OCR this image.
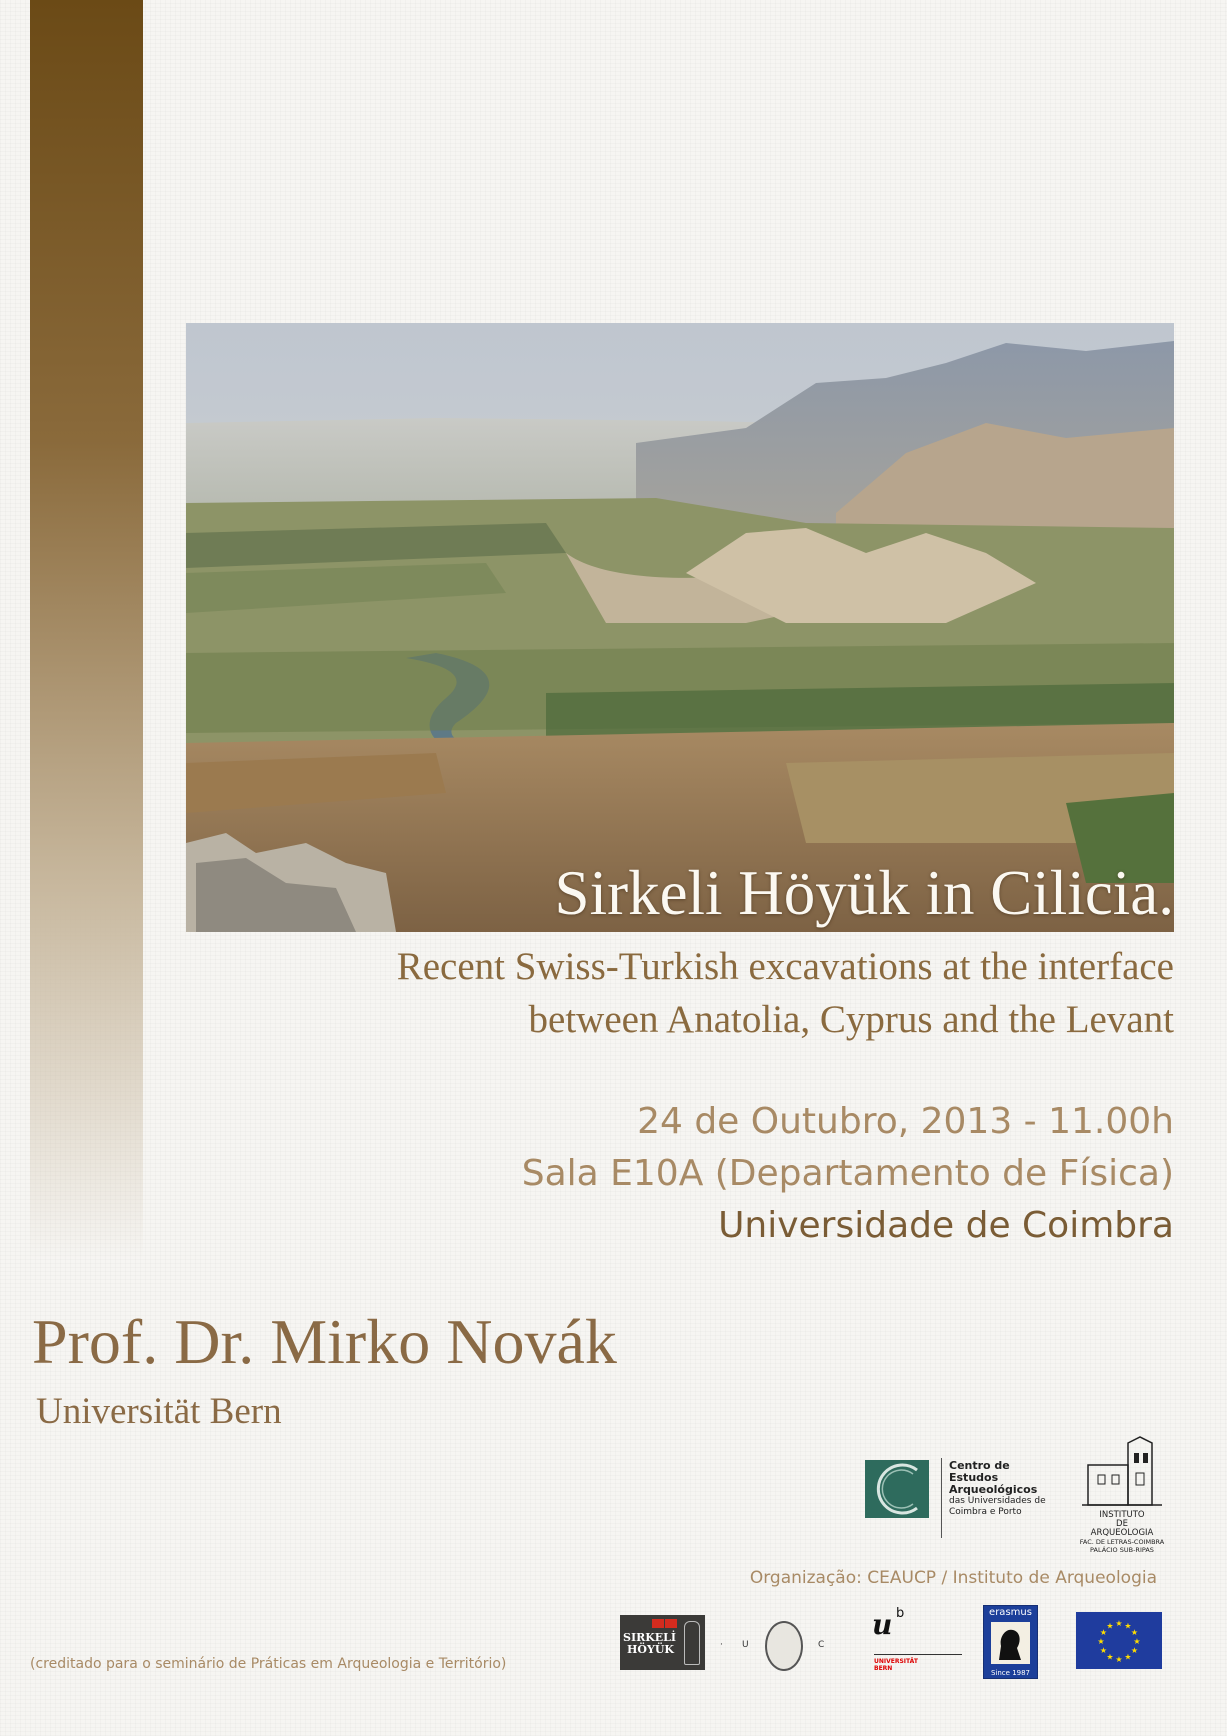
Sirkeli Höyük in Cilicia.
Recent Swiss-Turkish excavations at the interface
between Anatolia, Cyprus and the Levant
24 de Outubro, 2013 - 11.00h
Sala E10A (Departamento de Física)
Universidade de Coimbra
Prof. Dr. Mirko Novák
Universität Bern
Centro de
Estudos
Arqueológicos
das Universidades de
Coimbra e Porto	INSTITUTO
DE
ARQUEOLOGIA
FAC. DE LETRAS-COIMBRA
PALÁCIO SUB-RIPAS
Organização: CEAUCP / Instituto de Arqueologia
(creditado para o seminário de Práticas em Arqueologia e Território)
SIRKELİ
HÖYÜK	· U	C
u b
UNIVERSITÄT
BERN
erasmus
Since 1987
★ ★
★
★
★
★
★
★
★
★
★
★
